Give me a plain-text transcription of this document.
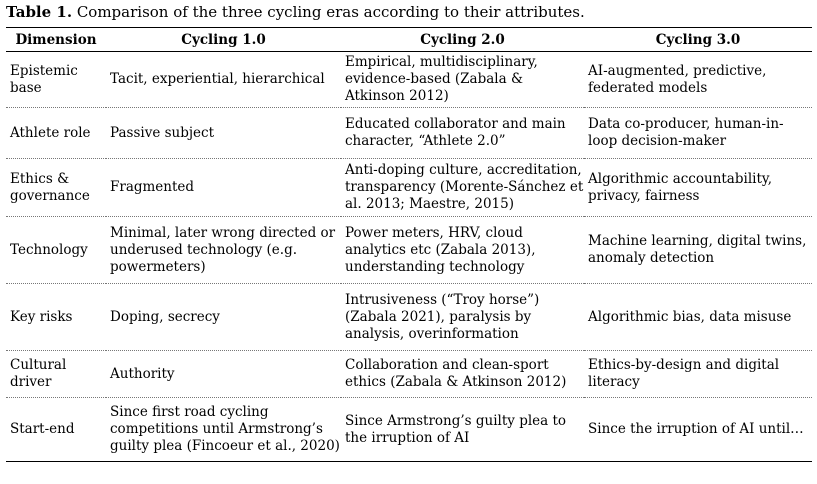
Table 1. Comparison of the three cycling eras according to their attributes.
Dimension	Cycling 1.0	Cycling 2.0	Cycling 3.0
Epistemic base	Tacit, experiential, hierarchical	Empirical, multidisciplinary, evidence-based (Zabala & Atkinson 2012)	AI-augmented, predictive, federated models
Athlete role	Passive subject	Educated collaborator and main character, “Athlete 2.0”	Data co-producer, human-in-loop decision-maker
Ethics & governance	Fragmented	Anti-doping culture, accreditation, transparency (Morente-Sánchez et al. 2013; Maestre, 2015)	Algorithmic accountability, privacy, fairness
Technology	Minimal, later wrong directed or underused technology (e.g. powermeters)	Power meters, HRV, cloud analytics etc (Zabala 2013), understanding technology	Machine learning, digital twins, anomaly detection
Key risks	Doping, secrecy	Intrusiveness (“Troy horse”) (Zabala 2021), paralysis by analysis, overinformation	Algorithmic bias, data misuse
Cultural driver	Authority	Collaboration and clean-sport ethics (Zabala & Atkinson 2012)	Ethics-by-design and digital literacy
Start-end	Since first road cycling competitions until Armstrong’s guilty plea (Fincoeur et al., 2020)	Since Armstrong’s guilty plea to the irruption of AI	Since the irruption of AI until…
